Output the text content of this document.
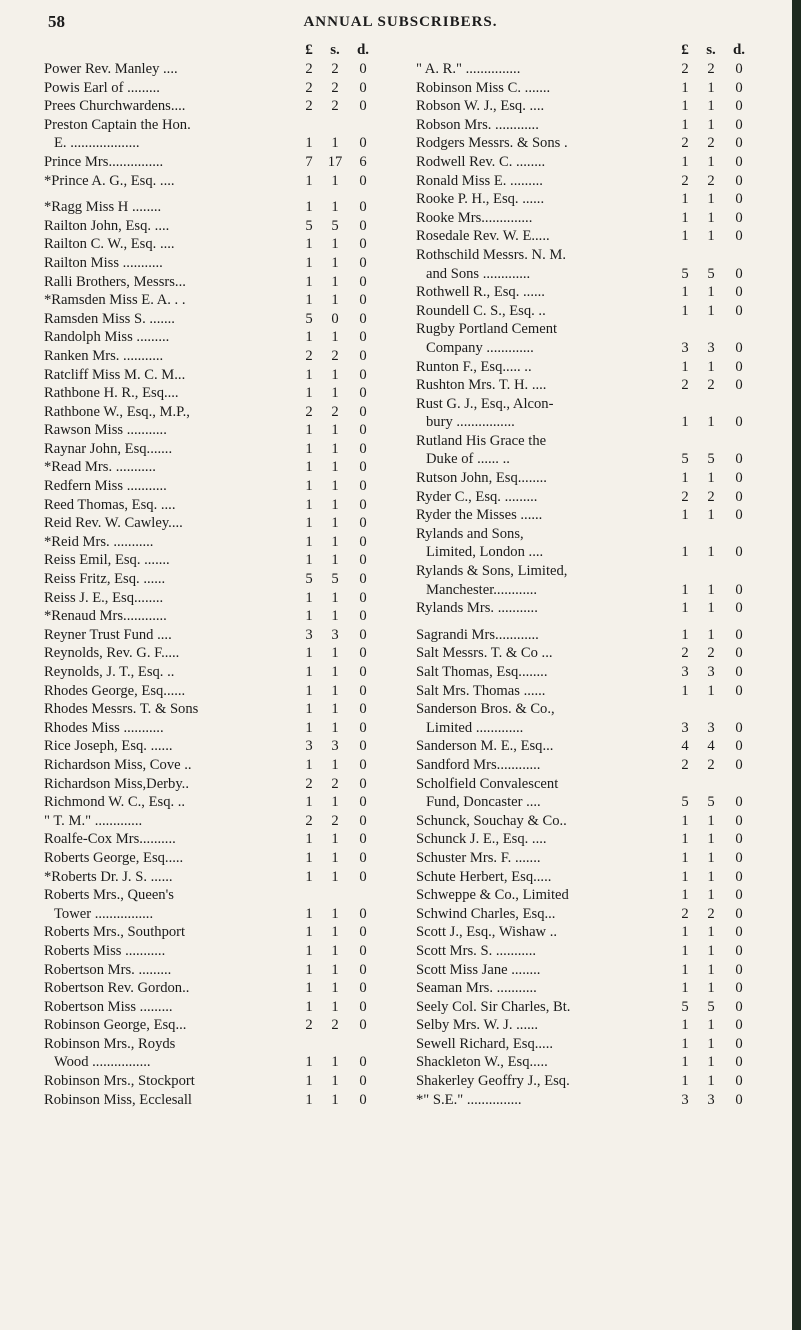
58	ANNUAL SUBSCRIBERS.
£	s. d.
Power Rev. Manley ....	2	2	0
Powis Earl of .........	2	2	0
Prees Churchwardens....	2	2	0
Preston Captain the Hon.
E. ...................	1	1	0
Prince Mrs...............	7	17	6
*Prince A. G., Esq. ....	1	1	0
*Ragg Miss H ........	1	1	0
Railton John, Esq. ....	5	5	0
Railton C. W., Esq. ....	1	1	0
Railton Miss ...........	1	1	0
Ralli Brothers, Messrs...	1	1	0
*Ramsden Miss E. A. . .	1	1	0
Ramsden Miss S. .......	5	0	0
Randolph Miss .........	1	1	0
Ranken Mrs. ...........	2	2	0
Ratcliff Miss M. C. M...	1	1	0
Rathbone H. R., Esq....	1	1	0
Rathbone W., Esq., M.P.,	2	2	0
Rawson Miss ...........	1	1	0
Raynar John, Esq.......	1	1	0
*Read Mrs. ...........	1	1	0
Redfern Miss ...........	1	1	0
Reed Thomas, Esq. ....	1	1	0
Reid Rev. W. Cawley....	1	1	0
*Reid Mrs. ...........	1	1	0
Reiss Emil, Esq. .......	1	1	0
Reiss Fritz, Esq. ......	5	5	0
Reiss J. E., Esq........	1	1	0
*Renaud Mrs............	1	1	0
Reyner Trust Fund ....	3	3	0
Reynolds, Rev. G. F.....	1	1	0
Reynolds, J. T., Esq. ..	1	1	0
Rhodes George, Esq......	1	1	0
Rhodes Messrs. T. & Sons	1	1	0
Rhodes Miss ...........	1	1	0
Rice Joseph, Esq. ......	3	3	0
Richardson Miss, Cove ..	1	1	0
Richardson Miss,Derby..	2	2	0
Richmond W. C., Esq. ..	1	1	0
" T. M." .............	2	2	0
Roalfe-Cox Mrs..........	1	1	0
Roberts George, Esq.....	1	1	0
*Roberts Dr. J. S. ......	1	1	0
Roberts Mrs., Queen's
Tower ................	1	1	0
Roberts Mrs., Southport	1	1	0
Roberts Miss ...........	1	1	0
Robertson Mrs. .........	1	1	0
Robertson Rev. Gordon..	1	1	0
Robertson Miss .........	1	1	0
Robinson George, Esq...	2	2	0
Robinson Mrs., Royds
Wood ................	1	1	0
Robinson Mrs., Stockport	1	1	0
Robinson Miss, Ecclesall	1	1	0
£	s. d.
" A. R." ...............	2	2	0
Robinson Miss C. .......	1	1	0
Robson W. J., Esq. ....	1	1	0
Robson Mrs. ............	1	1	0
Rodgers Messrs. & Sons .	2	2	0
Rodwell Rev. C. ........	1	1	0
Ronald Miss E. .........	2	2	0
Rooke P. H., Esq. ......	1	1	0
Rooke Mrs..............	1	1	0
Rosedale Rev. W. E.....	1	1	0
Rothschild Messrs. N. M.
and Sons .............	5	5	0
Rothwell R., Esq. ......	1	1	0
Roundell C. S., Esq. ..	1	1	0
Rugby Portland Cement
Company .............	3	3	0
Runton F., Esq..... ..	1	1	0
Rushton Mrs. T. H. ....	2	2	0
Rust G. J., Esq., Alcon-
bury ................	1	1	0
Rutland His Grace the
Duke of ...... ..	5	5	0
Rutson John, Esq........	1	1	0
Ryder C., Esq. .........	2	2	0
Ryder the Misses ......	1	1	0
Rylands and Sons,
Limited, London ....	1	1	0
Rylands & Sons, Limited,
Manchester............	1	1	0
Rylands Mrs. ...........	1	1	0
Sagrandi Mrs............	1	1	0
Salt Messrs. T. & Co ...	2	2	0
Salt Thomas, Esq........	3	3	0
Salt Mrs. Thomas ......	1	1	0
Sanderson Bros. & Co.,
Limited .............	3	3	0
Sanderson M. E., Esq...	4	4	0
Sandford Mrs............	2	2	0
Scholfield Convalescent
Fund, Doncaster ....	5	5	0
Schunck, Souchay & Co..	1	1	0
Schunck J. E., Esq. ....	1	1	0
Schuster Mrs. F. .......	1	1	0
Schute Herbert, Esq.....	1	1	0
Schweppe & Co., Limited	1	1	0
Schwind Charles, Esq...	2	2	0
Scott J., Esq., Wishaw ..	1	1	0
Scott Mrs. S. ...........	1	1	0
Scott Miss Jane ........	1	1	0
Seaman Mrs. ...........	1	1	0
Seely Col. Sir Charles, Bt.	5	5	0
Selby Mrs. W. J. ......	1	1	0
Sewell Richard, Esq.....	1	1	0
Shackleton W., Esq.....	1	1	0
Shakerley Geoffry J., Esq.	1	1	0
*" S.E." ...............	3	3	0
